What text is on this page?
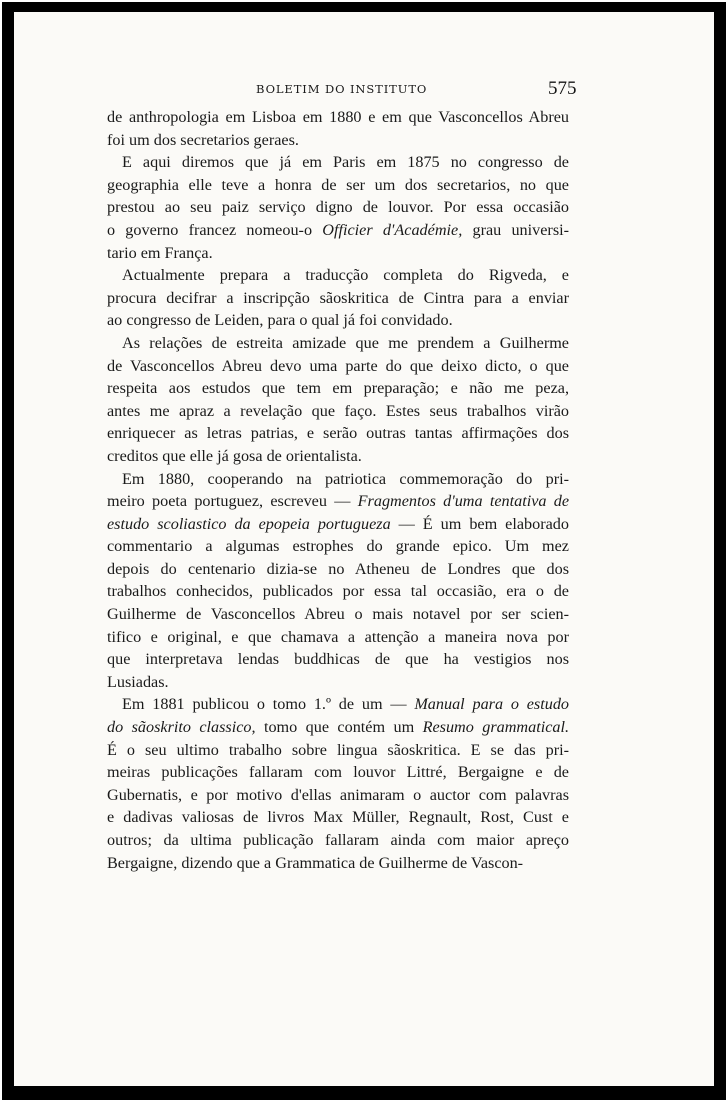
BOLETIM DO INSTITUTO	575
de anthropologia em Lisboa em 1880 e em que Vasconcellos Abreu
foi um dos secretarios geraes.
E aqui diremos que já em Paris em 1875 no congresso de
geographia elle teve a honra de ser um dos secretarios, no que
prestou ao seu paiz serviço digno de louvor. Por essa occasião
o governo francez nomeou-o Officier d'Académie, grau universi-
tario em França.
Actualmente prepara a traducção completa do Rigveda, e
procura decifrar a inscripção sãoskritica de Cintra para a enviar
ao congresso de Leiden, para o qual já foi convidado.
As relações de estreita amizade que me prendem a Guilherme
de Vasconcellos Abreu devo uma parte do que deixo dicto, o que
respeita aos estudos que tem em preparação; e não me peza,
antes me apraz a revelação que faço. Estes seus trabalhos virão
enriquecer as letras patrias, e serão outras tantas affirmações dos
creditos que elle já gosa de orientalista.
Em 1880, cooperando na patriotica commemoração do pri-
meiro poeta portuguez, escreveu — Fragmentos d'uma tentativa de
estudo scoliastico da epopeia portugueza — É um bem elaborado
commentario a algumas estrophes do grande epico. Um mez
depois do centenario dizia-se no Atheneu de Londres que dos
trabalhos conhecidos, publicados por essa tal occasião, era o de
Guilherme de Vasconcellos Abreu o mais notavel por ser scien-
tifico e original, e que chamava a attenção a maneira nova por
que interpretava lendas buddhicas de que ha vestigios nos
Lusiadas.
Em 1881 publicou o tomo 1.º de um — Manual para o estudo
do sãoskrito classico, tomo que contém um Resumo grammatical.
É o seu ultimo trabalho sobre lingua sãoskritica. E se das pri-
meiras publicações fallaram com louvor Littré, Bergaigne e de
Gubernatis, e por motivo d'ellas animaram o auctor com palavras
e dadivas valiosas de livros Max Müller, Regnault, Rost, Cust e
outros; da ultima publicação fallaram ainda com maior apreço
Bergaigne, dizendo que a Grammatica de Guilherme de Vascon-
